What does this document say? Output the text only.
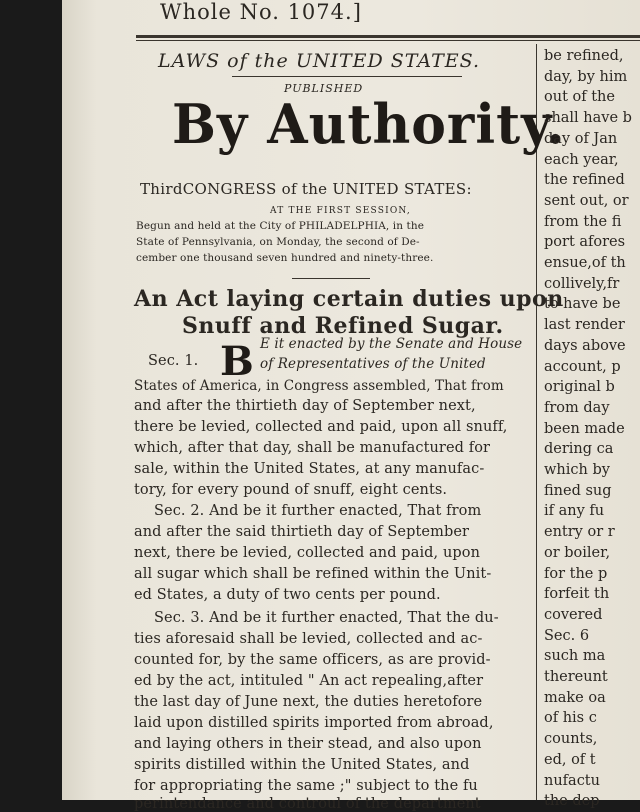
Whole No. 1074.]
LAWS of the UNITED STATES.
PUBLISHED
By Authority.
ThirdCONGRESS of the UNITED STATES:
AT THE FIRST SESSION,
Begun and held at the City of PHILADELPHIA, in the
State of Pennsylvania, on Monday, the second of De-
cember one thousand seven hundred and ninety-three.
An Act laying certain duties upon
Snuff and Refined Sugar.
Sec. 1. B E it enacted by the Senate and House
of Representatives of the United
States of America, in Congress assembled, That from
and after the thirtieth day of September next,
there be levied, collected and paid, upon all snuff,
which, after that day, shall be manufactured for
sale, within the United States, at any manufac-
tory, for every pound of snuff, eight cents.
Sec. 2. And be it further enacted, That from
and after the said thirtieth day of September
next, there be levied, collected and paid, upon
all sugar which shall be refined within the Unit-
ed States, a duty of two cents per pound.
Sec. 3. And be it further enacted, That the du-
ties aforesaid shall be levied, collected and ac-
counted for, by the same officers, as are provid-
ed by the act, intituled " An act repealing,after
the last day of June next, the duties heretofore
laid upon distilled spirits imported from abroad,
and laying others in their stead, and also upon
spirits distilled within the United States, and
for appropriating the same ;" subject to the fu
perintendance and controul of the department
be refined,
day, by him
out of the
shall have b
day of Jan
each year,
the refined
sent out, or
from the fi
port afores
ensue,of th
collively,fr
to have be
last render
days above
account, p
original b
from day
been made
dering ca
which by
fined sug
if any fu
entry or r
or boiler,
for the p
forfeit th
covered
Sec. 6
such ma
thereunt
make oa
of his c
counts,
ed, of t
nufactu
the dep
